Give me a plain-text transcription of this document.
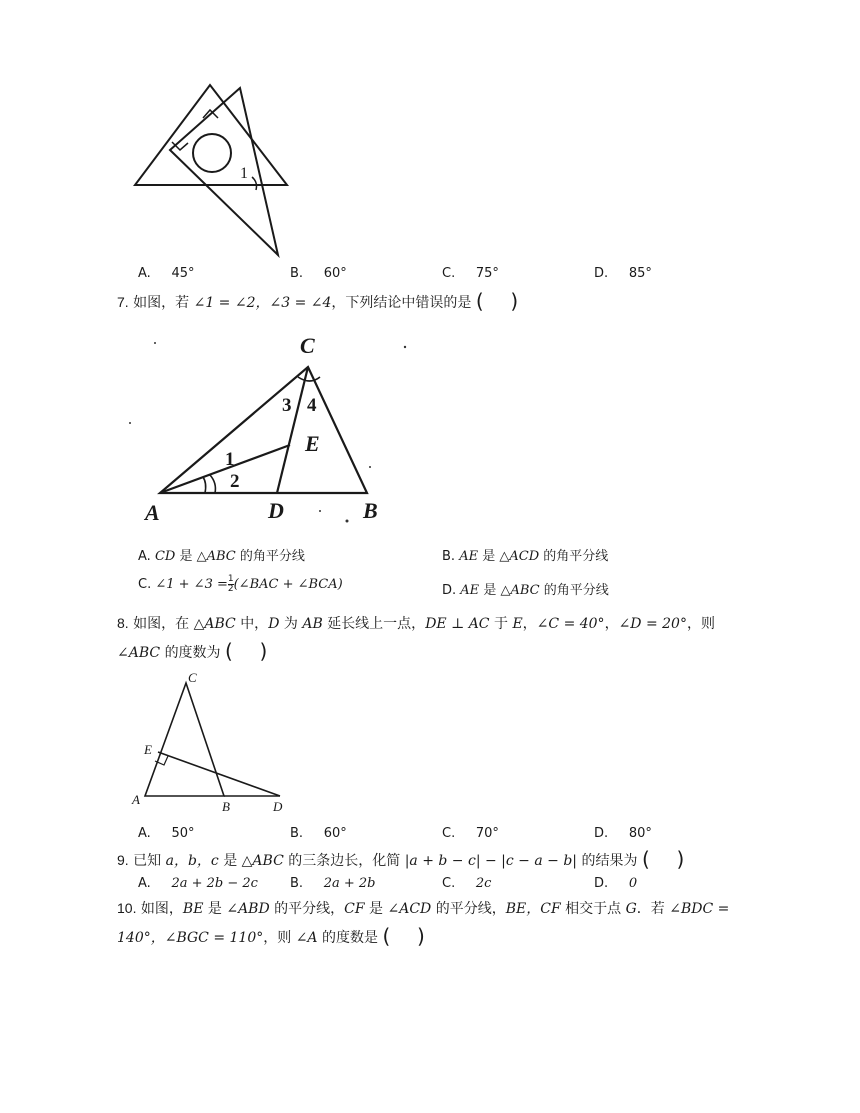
1
A. 45°	B. 60°	C. 75°	D. 85°
7. 如图，若 ∠1 = ∠2，∠3 = ∠4，下列结论中错误的是 ( )
C
E
A	D	B
1
2
3 4
A. CD 是 △ABC 的角平分线	B. AE 是 △ACD 的角平分线
C. ∠1 + ∠3 = $\frac{1}{2}$ (∠BAC + ∠BCA)	D. AE 是 △ABC 的角平分线
8. 如图，在 △ABC 中，D 为 AB 延长线上一点，DE ⊥ AC 于 E，∠C = 40°，∠D = 20°，则
∠ABC 的度数为 ( )
C
E
A	B	D
A. 50°	B. 60°	C. 70°	D. 80°
9. 已知 a，b，c 是 △ABC 的三条边长，化简 |a + b − c| − |c − a − b| 的结果为 ( )
A. 2a + 2b − 2c B. 2a + 2b	C. 2c	D. 0
10. 如图，BE 是 ∠ABD 的平分线，CF 是 ∠ACD 的平分线，BE，CF 相交于点 G．若 ∠BDC =
140°，∠BGC = 110°，则 ∠A 的度数是 ( )
